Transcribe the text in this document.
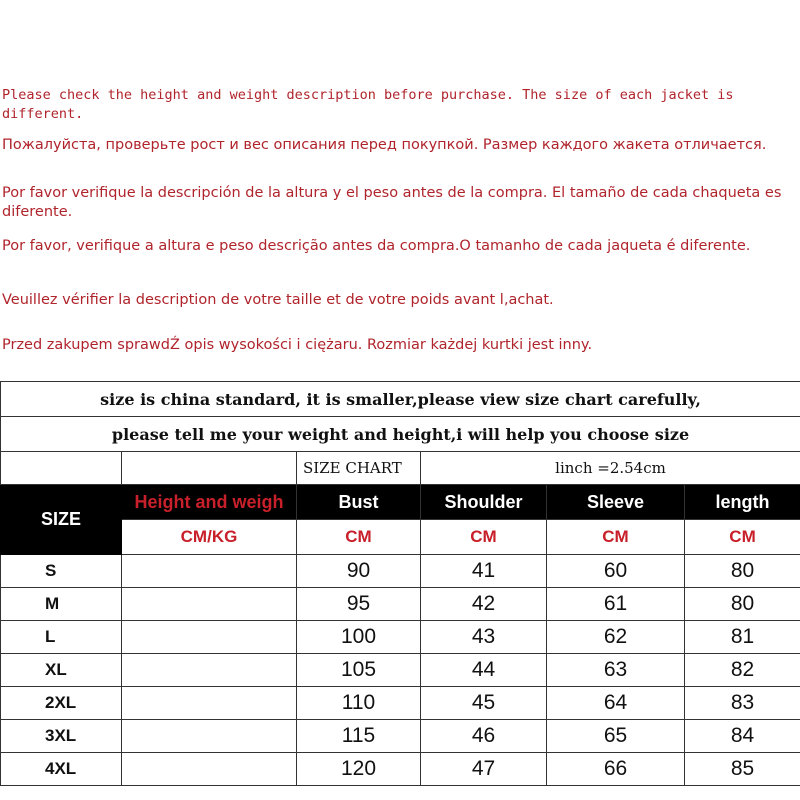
Please check the height and weight description before purchase. The size of each jacket is different.

Пожалуйста, проверьте рост и вес описания перед покупкой. Размер каждого жакета отличается.

Por favor verifique la descripción de la altura y el peso antes de la compra. El tamaño de cada chaqueta es diferente.

Por favor, verifique a altura e peso descrição antes da compra.O tamanho de cada jaqueta é diferente.

Veuillez vérifier la description de votre taille et de votre poids avant l‚achat.

Przed zakupem sprawdŹ opis wysokości i ciężaru. Rozmiar każdej kurtki jest inny.

size is china standard, it is smaller,please view size chart carefully,					
please tell me your weight and height,i will help you choose size					
		SIZE CHART	linch =2.54cm		
SIZE	Height and weigh	Bust	Shoulder	Sleeve	length
	CM/KG	CM	CM	CM	CM
S		90	41	60	80
M		95	42	61	80
L		100	43	62	81
XL		105	44	63	82
2XL		110	45	64	83
3XL		115	46	65	84
4XL		120	47	66	85
